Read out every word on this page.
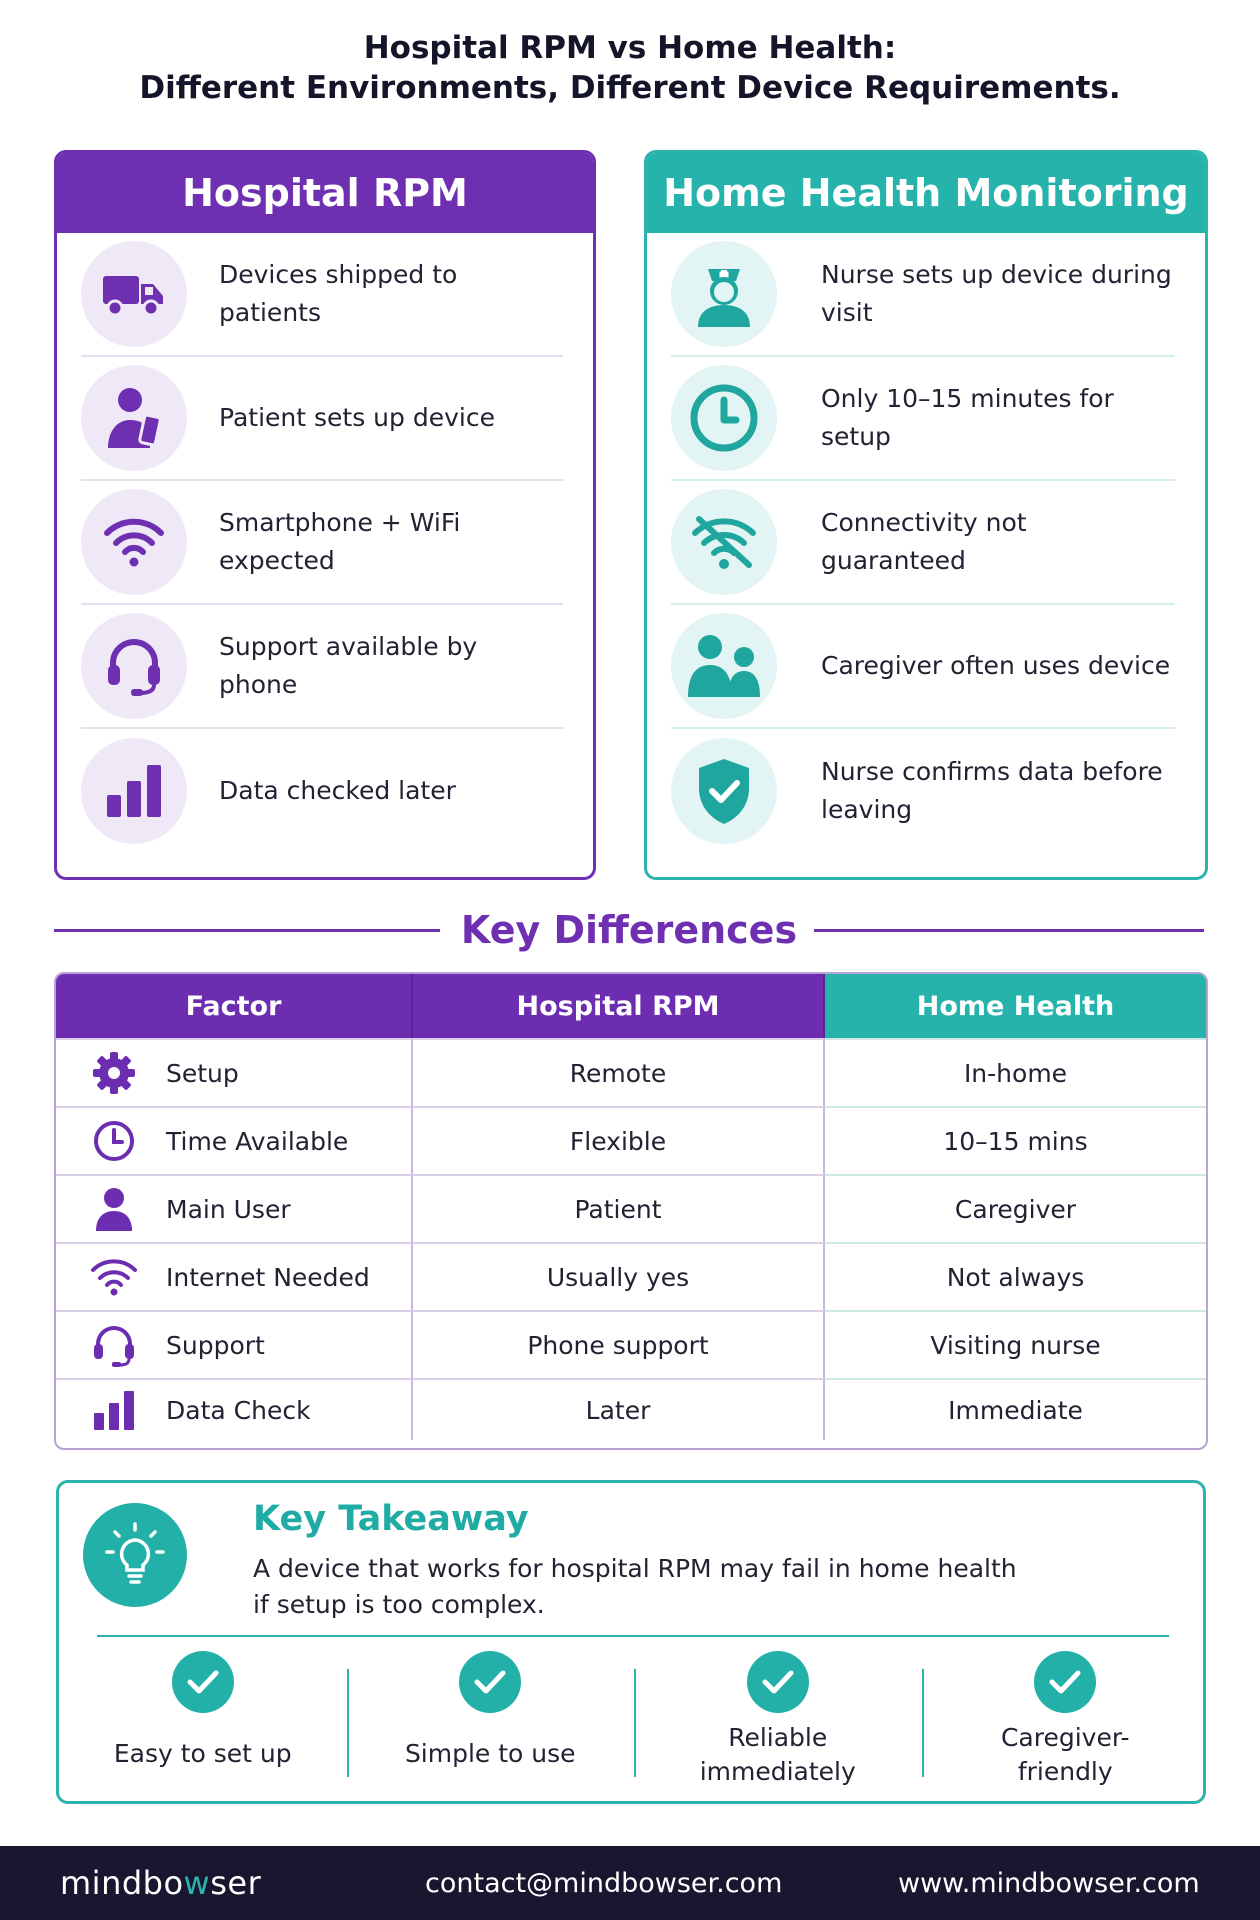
Hospital RPM vs Home Health:
Different Environments, Different Device Requirements.
Hospital RPM
Devices shipped to patients
Patient sets up device
Smartphone + WiFi expected
Support available by phone
Data checked later
Home Health Monitoring
Nurse sets up device during visit
Only 10–15 minutes for setup
Connectivity not guaranteed
Caregiver often uses device
Nurse confirms data before leaving
Key Differences
Factor	Hospital RPM	Home Health
Setup	Remote	In-home
Time Available	Flexible	10–15 mins
Main User	Patient	Caregiver
Internet Needed	Usually yes	Not always
Support	Phone support	Visiting nurse
Data Check	Later	Immediate
Key Takeaway
A device that works for hospital RPM may fail in home health
if setup is too complex.
Easy to set up	Simple to use
Reliable
immediately
Caregiver-
friendly
mindbowser	contact@mindbowser.com	www.mindbowser.com
